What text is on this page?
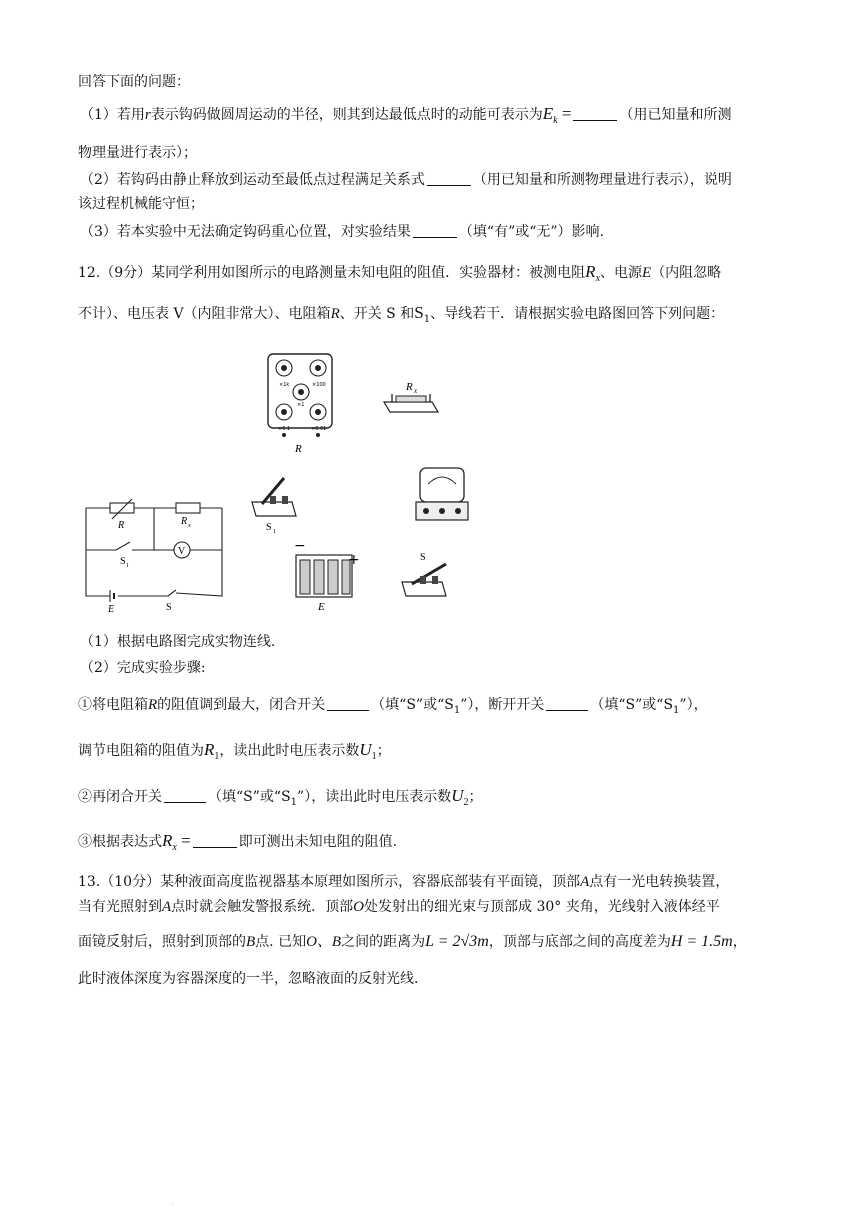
回答下面的问题：
（1）若用r表示钩码做圆周运动的半径，则其到达最低点时的动能可表示为$E_k$ =	（用已知量和所测
物理量进行表示）；
（2）若钩码由静止释放到运动至最低点过程满足关系式	（用已知量和所测物理量进行表示），说明
该过程机械能守恒；
（3）若本实验中无法确定钩码重心位置，对实验结果	（填“有”或“无”）影响.
12.（9分）某同学利用如图所示的电路测量未知电阻的阻值．实验器材：被测电阻$R_x$、电源E（内阻忽略
不计）、电压表 V（内阻非常大）、电阻箱R、开关 S 和$S_1$、导线若干．请根据实验电路图回答下列问题：
×1k	×100
×1
×0.1	×0.01
R
R x
R	R x
S 1
V
E	S
S 1
−
+
E
S
（1）根据电路图完成实物连线.
（2）完成实验步骤:
①将电阻箱R的阻值调到最大，闭合开关	（填“S”或“$S_1$”），断开开关	（填“S”或“$S_1$”），
调节电阻箱的阻值为$R_1$，读出此时电压表示数$U_1$；
②再闭合开关	（填“S”或“$S_1$”），读出此时电压表示数$U_2$；
③根据表达式$R_x$ =	即可测出未知电阻的阻值.
13.（10分）某种液面高度监视器基本原理如图所示，容器底部装有平面镜，顶部A点有一光电转换装置，
当有光照射到A点时就会触发警报系统．顶部O处发射出的细光束与顶部成 30° 夹角，光线射入液体经平
面镜反射后，照射到顶部的B点. 已知O、B之间的距离为L = 2√3m，顶部与底部之间的高度差为H = 1.5m，
此时液体深度为容器深度的一半，忽略液面的反射光线.
.
